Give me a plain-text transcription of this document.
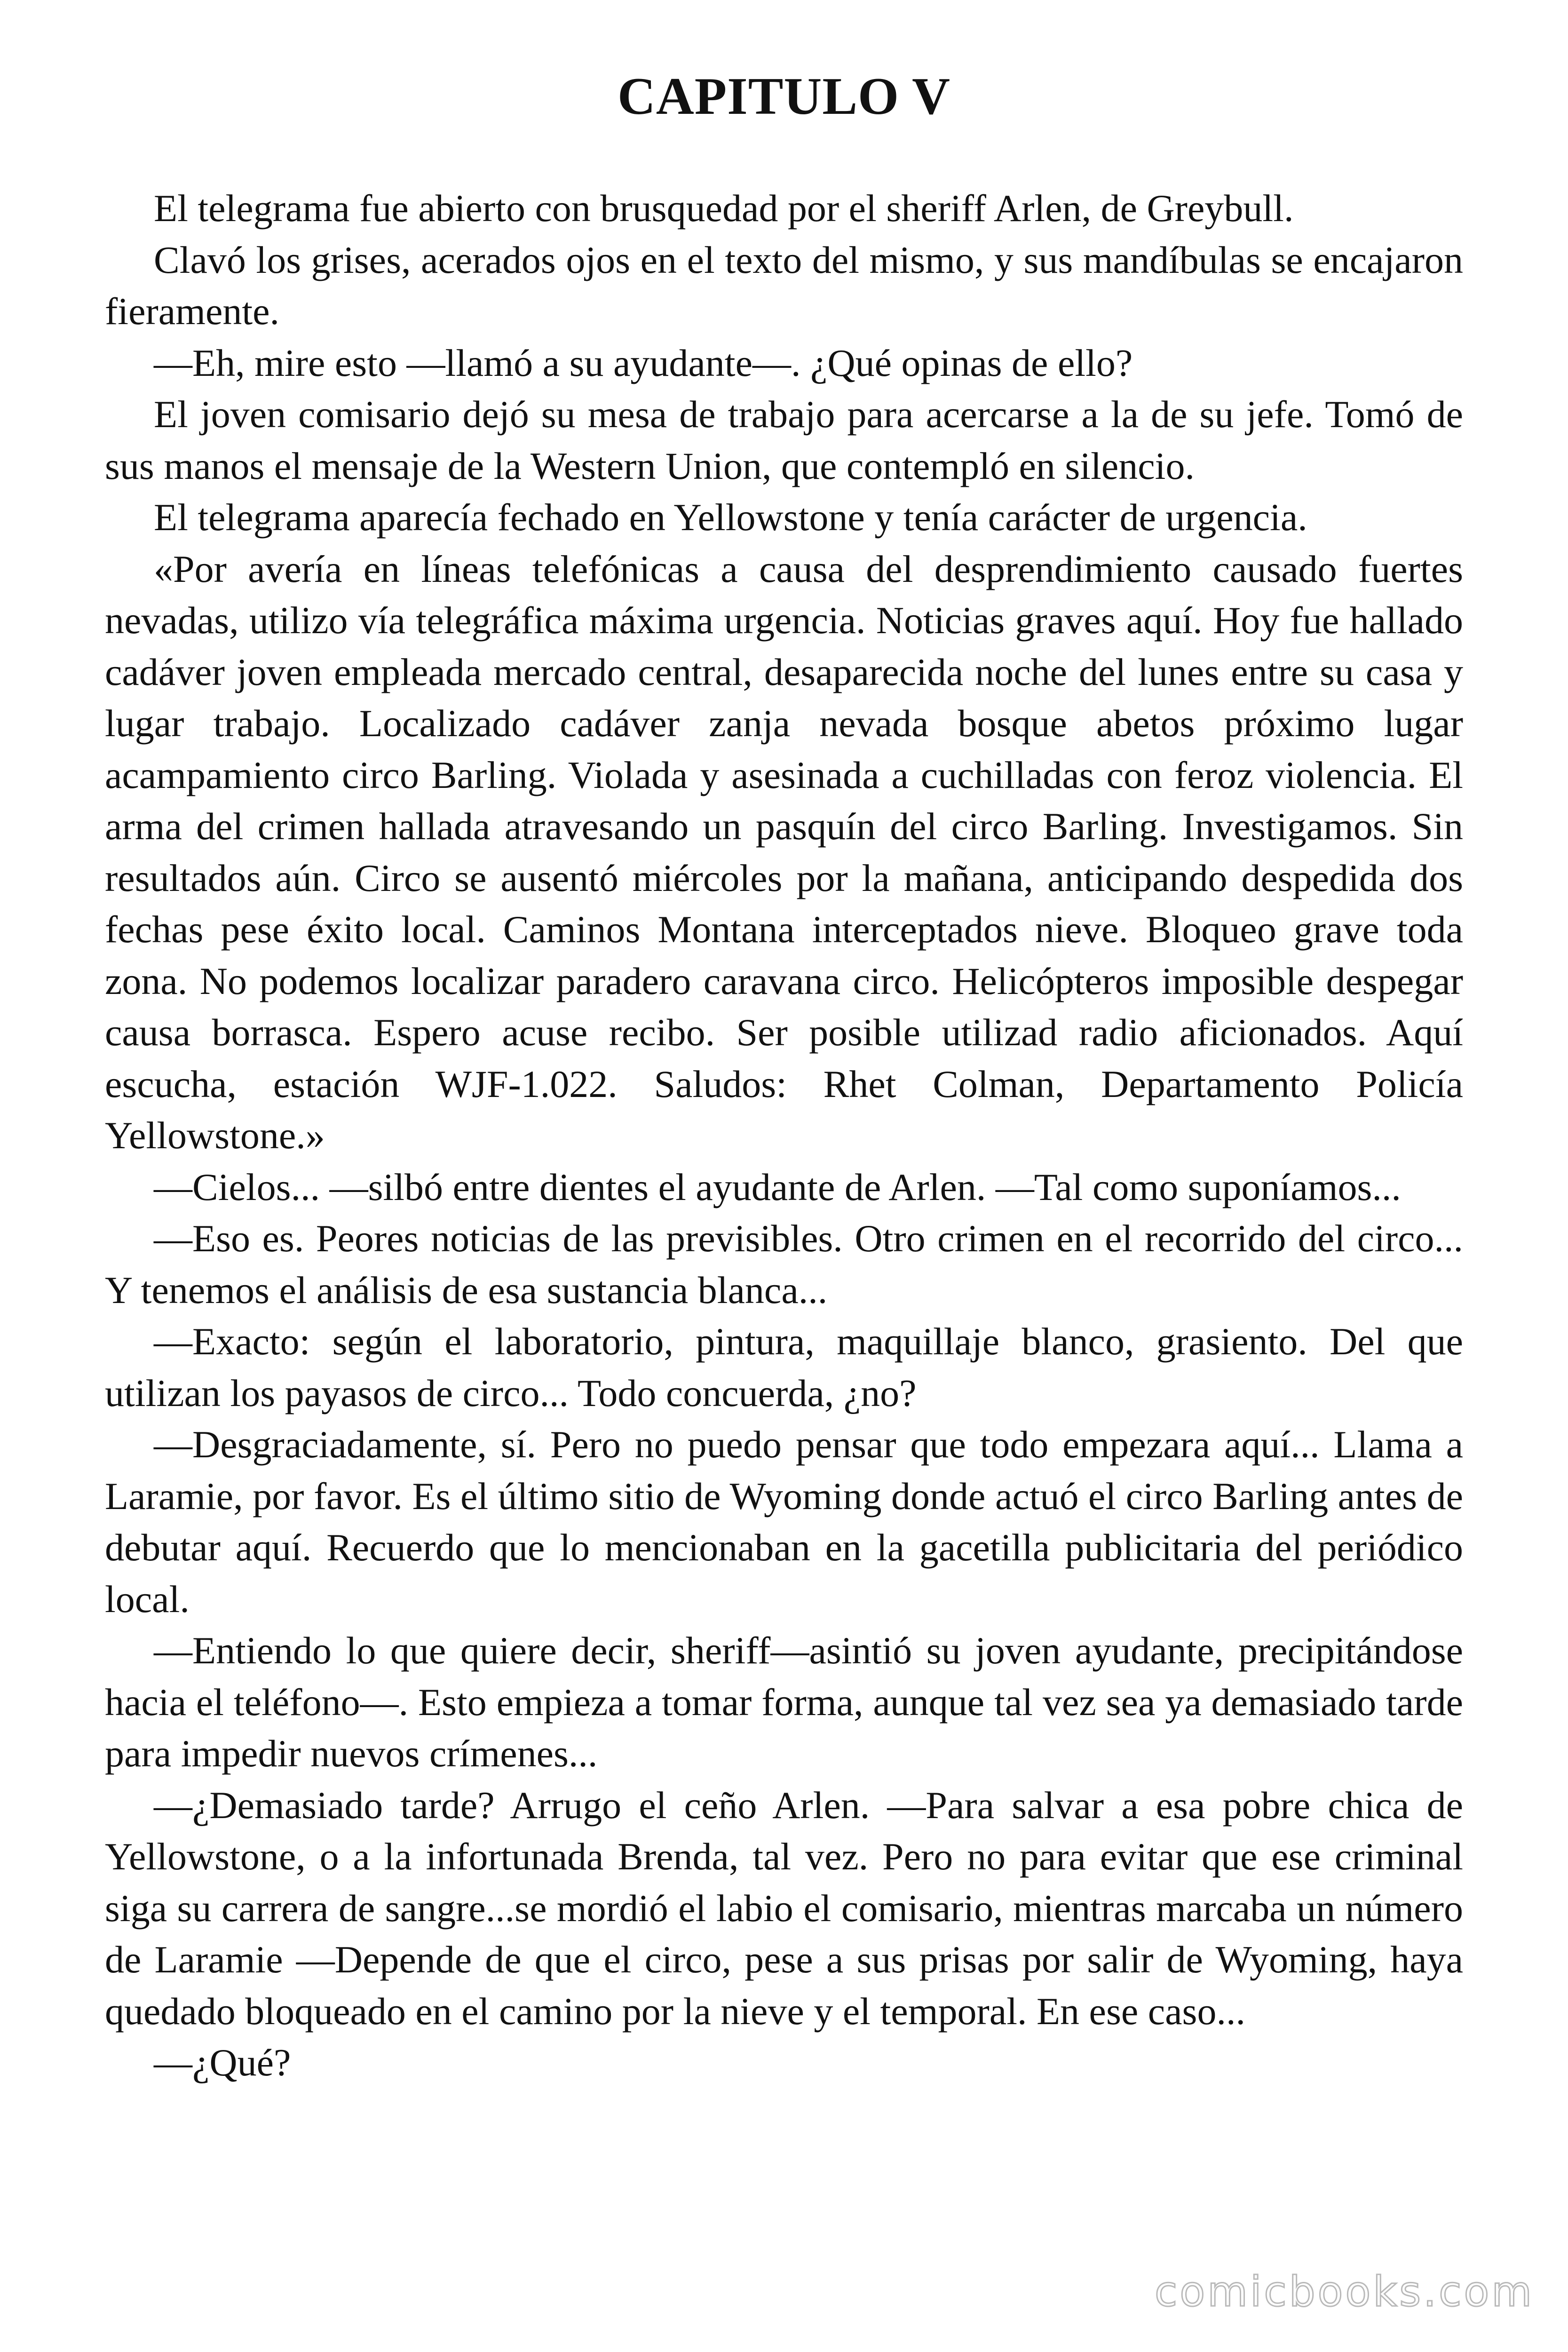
CAPITULO V

El telegrama fue abierto con brusquedad por el sheriff Arlen, de Greybull.

Clavó los grises, acerados ojos en el texto del mismo, y sus mandíbulas se encajaron fieramente.

—Eh, mire esto —llamó a su ayudante—. ¿Qué opinas de ello?

El joven comisario dejó su mesa de trabajo para acercarse a la de su jefe. Tomó de sus manos el mensaje de la Western Union, que contempló en silencio.

El telegrama aparecía fechado en Yellowstone y tenía carácter de urgencia.

«Por avería en líneas telefónicas a causa del desprendimiento causado fuertes nevadas, utilizo vía telegráfica máxima urgencia. Noticias graves aquí. Hoy fue hallado cadáver joven empleada mercado central, desaparecida noche del lunes entre su casa y lugar trabajo. Localizado cadáver zanja nevada bosque abetos próximo lugar acampamiento circo Barling. Violada y asesinada a cuchilladas con feroz violencia. El arma del crimen hallada atravesando un pasquín del circo Barling. Investigamos. Sin resultados aún. Circo se ausentó miércoles por la mañana, anticipando despedida dos fechas pese éxito local. Caminos Montana interceptados nieve. Bloqueo grave toda zona. No podemos localizar paradero caravana circo. Helicópteros imposible despegar causa borrasca. Espero acuse recibo. Ser posible utilizad radio aficionados. Aquí escucha, estación WJF-1.022. Saludos: Rhet Colman, Departamento Policía Yellowstone.»

—Cielos... —silbó entre dientes el ayudante de Arlen. —Tal como suponíamos...

—Eso es. Peores noticias de las previsibles. Otro crimen en el recorrido del circo... Y tenemos el análisis de esa sustancia blanca...

—Exacto: según el laboratorio, pintura, maquillaje blanco, grasiento. Del que utilizan los payasos de circo... Todo concuerda, ¿no?

—Desgraciadamente, sí. Pero no puedo pensar que todo empezara aquí... Llama a Laramie, por favor. Es el último sitio de Wyoming donde actuó el circo Barling antes de debutar aquí. Recuerdo que lo mencionaban en la gacetilla publicitaria del periódico local.

—Entiendo lo que quiere decir, sheriff—asintió su joven ayudante, precipitándose hacia el teléfono—. Esto empieza a tomar forma, aunque tal vez sea ya demasiado tarde para impedir nuevos crímenes...

—¿Demasiado tarde? Arrugo el ceño Arlen. —Para salvar a esa pobre chica de Yellowstone, o a la infortunada Brenda, tal vez. Pero no para evitar que ese criminal siga su carrera de sangre...se mordió el labio el comisario, mientras marcaba un número de Laramie —Depende de que el circo, pese a sus prisas por salir de Wyoming, haya quedado bloqueado en el camino por la nieve y el temporal. En ese caso...

—¿Qué?

comicbooks.com
